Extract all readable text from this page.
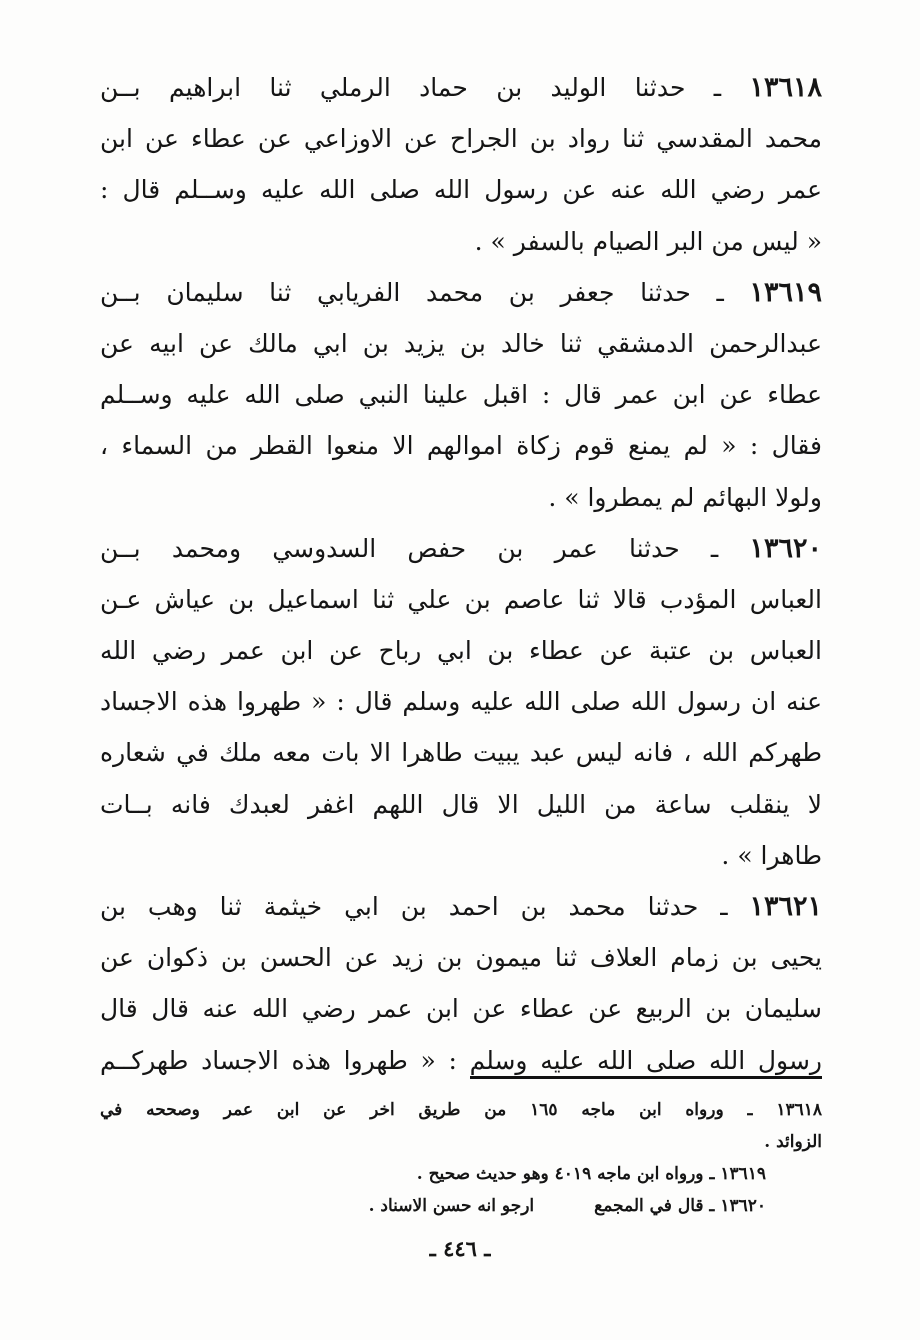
١٣٦١٨ ـ حدثنا الوليد بن حماد الرملي ثنا ابراهيم بــن
محمد المقدسي ثنا رواد بن الجراح عن الاوزاعي عن عطاء عن ابن
عمر رضي الله عنه عن رسول الله صلى الله عليه وســلم قال :
« ليس من البر الصيام بالسفر » .
١٣٦١٩ ـ حدثنا جعفر بن محمد الفريابي ثنا سليمان بــن
عبدالرحمن الدمشقي ثنا خالد بن يزيد بن ابي مالك عن ابيه عن
عطاء عن ابن عمر قال : اقبل علينا النبي صلى الله عليه وســلم
فقال : « لم يمنع قوم زكاة اموالهم الا منعوا القطر من السماء ،
ولولا البهائم لم يمطروا » .
١٣٦٢٠ ـ حدثنا عمر بن حفص السدوسي ومحمد بــن
العباس المؤدب قالا ثنا عاصم بن علي ثنا اسماعيل بن عياش عـن
العباس بن عتبة عن عطاء بن ابي رباح عن ابن عمر رضي الله
عنه ان رسول الله صلى الله عليه وسلم قال : « طهروا هذه الاجساد
طهركم الله ، فانه ليس عبد يبيت طاهرا الا بات معه ملك في شعاره
لا ينقلب ساعة من الليل الا قال اللهم اغفر لعبدك فانه بــات
طاهرا » .
١٣٦٢١ ـ حدثنا محمد بن احمد بن ابي خيثمة ثنا وهب بن
يحيى بن زمام العلاف ثنا ميمون بن زيد عن الحسن بن ذكوان عن
سليمان بن الربيع عن عطاء عن ابن عمر رضي الله عنه قال قال
رسول الله صلى الله عليه وسلم : « طهروا هذه الاجساد طهركــم
١٣٦١٨ ـ ورواه ابن ماجه ١٦٥ من طريق اخر عن ابن عمر وصححه في
الزوائد .
١٣٦١٩ ـ ورواه ابن ماجه ٤٠١٩ وهو حديث صحيح .
١٣٦٢٠ ـ قال في المجمعارجو انه حسن الاسناد .
ـ ٤٤٦ ـ
